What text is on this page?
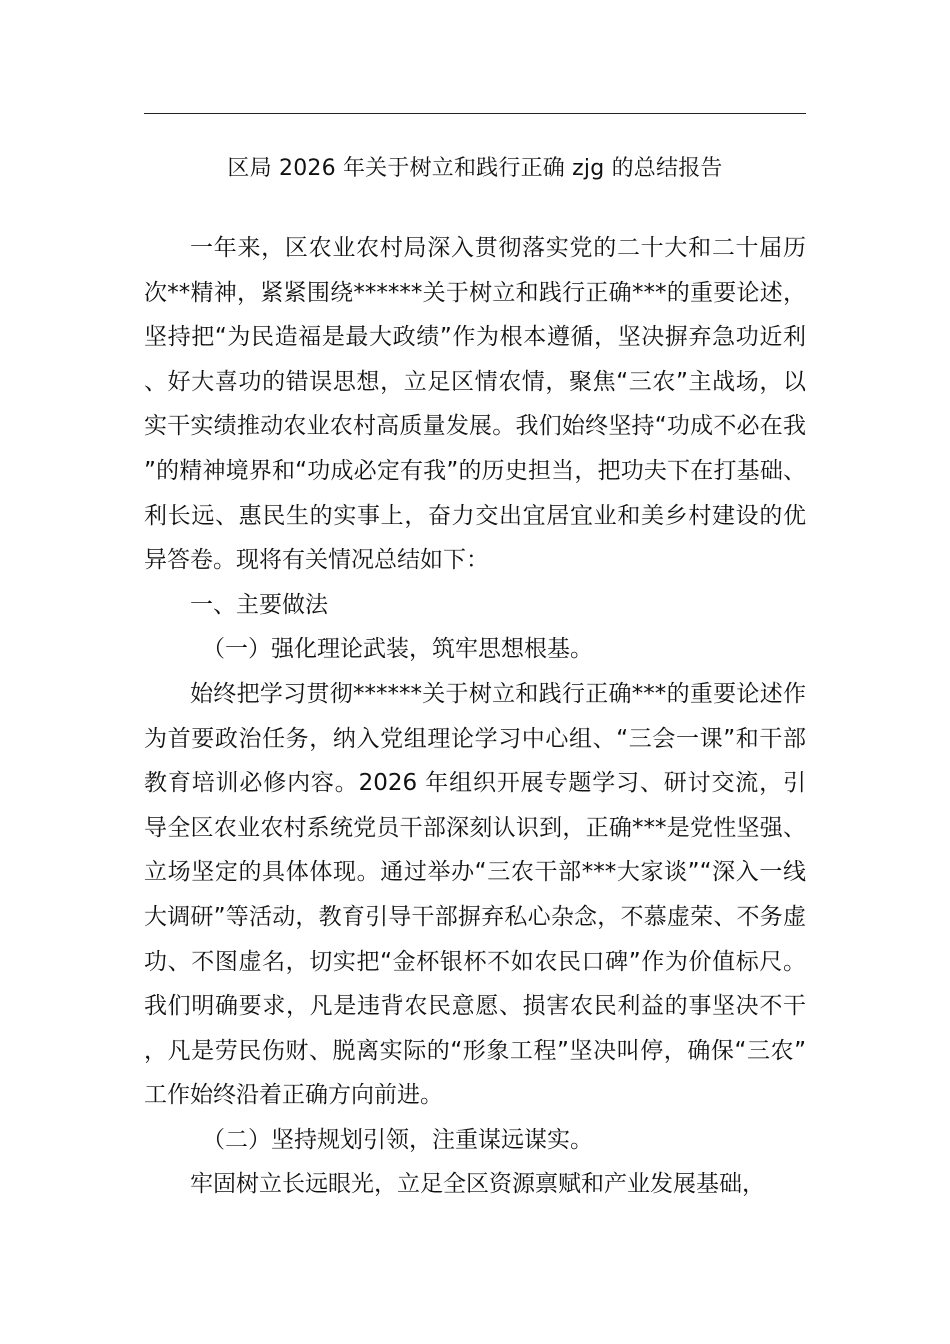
区局 2026 年关于树立和践行正确 zjg 的总结报告

一年来，区农业农村局深入贯彻落实党的二十大和二十届历次**精神，紧紧围绕******关于树立和践行正确***的重要论述，坚持把“为民造福是最大政绩”作为根本遵循，坚决摒弃急功近利、好大喜功的错误思想，立足区情农情，聚焦“三农”主战场，以实干实绩推动农业农村高质量发展。我们始终坚持“功成不必在我”的精神境界和“功成必定有我”的历史担当，把功夫下在打基础、利长远、惠民生的实事上，奋力交出宜居宜业和美乡村建设的优异答卷。现将有关情况总结如下：

一、主要做法

（一）强化理论武装，筑牢思想根基。

始终把学习贯彻******关于树立和践行正确***的重要论述作为首要政治任务，纳入党组理论学习中心组、“三会一课”和干部教育培训必修内容。2026 年组织开展专题学习、研讨交流，引导全区农业农村系统党员干部深刻认识到，正确***是党性坚强、立场坚定的具体体现。通过举办“三农干部***大家谈”“深入一线大调研”等活动，教育引导干部摒弃私心杂念，不慕虚荣、不务虚功、不图虚名，切实把“金杯银杯不如农民口碑”作为价值标尺。我们明确要求，凡是违背农民意愿、损害农民利益的事坚决不干，凡是劳民伤财、脱离实际的“形象工程”坚决叫停，确保“三农”工作始终沿着正确方向前进。

（二）坚持规划引领，注重谋远谋实。

牢固树立长远眼光，立足全区资源禀赋和产业发展基础，
